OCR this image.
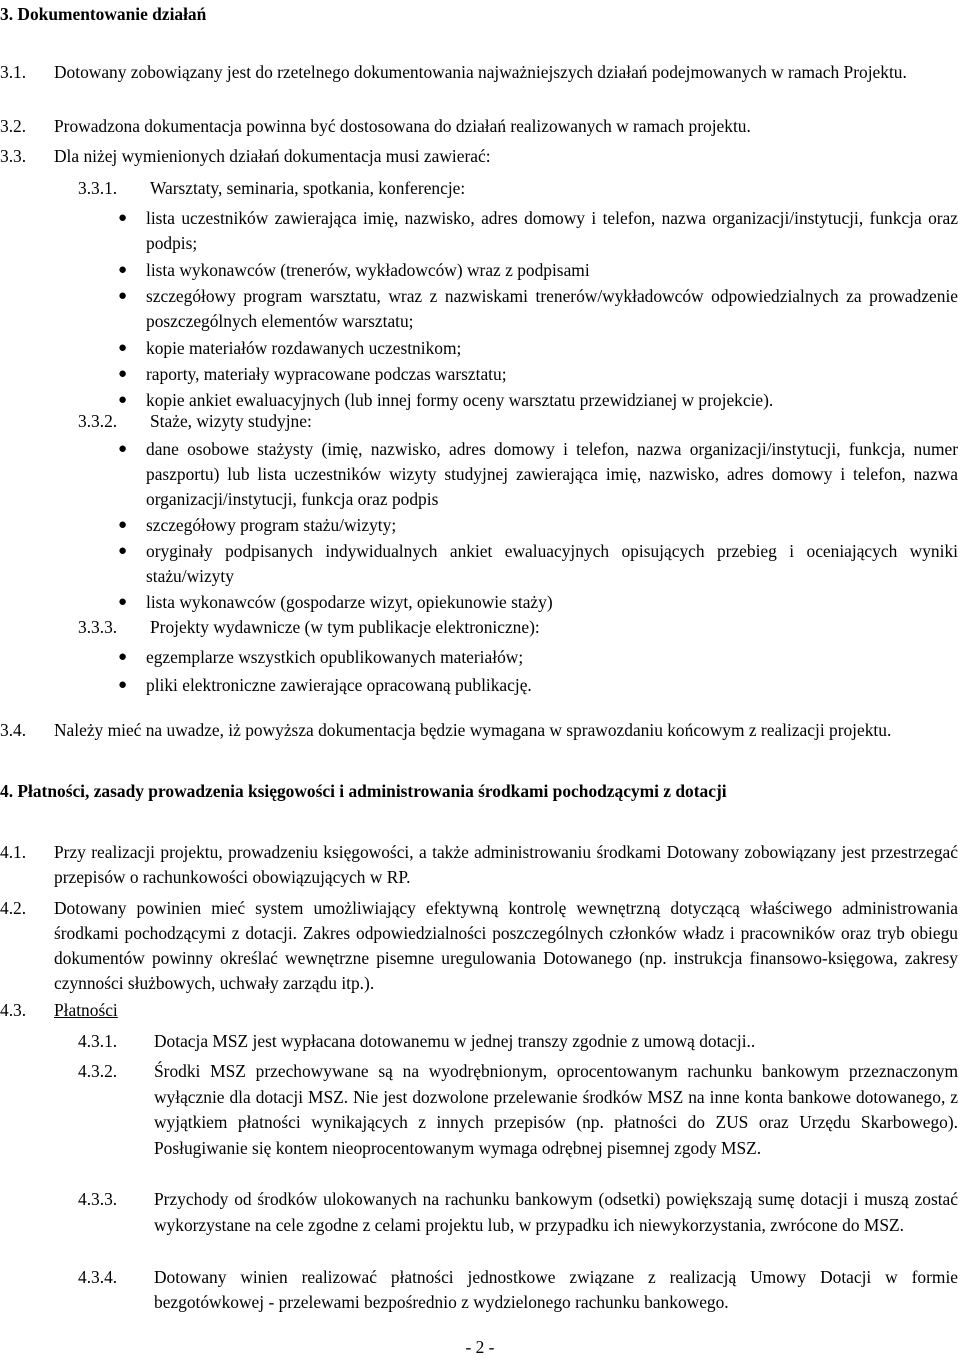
3. Dokumentowanie działań
3.1. Dotowany zobowiązany jest do rzetelnego dokumentowania najważniejszych działań podejmowanych w ramach Projektu.
3.2. Prowadzona dokumentacja powinna być dostosowana do działań realizowanych w ramach projektu.
3.3. Dla niżej wymienionych działań dokumentacja musi zawierać:
3.3.1. Warsztaty, seminaria, spotkania, konferencje:
● lista uczestników zawierająca imię, nazwisko, adres domowy i telefon, nazwa organizacji/instytucji, funkcja oraz podpis;
● lista wykonawców (trenerów, wykładowców) wraz z podpisami
● szczegółowy program warsztatu, wraz z nazwiskami trenerów/wykładowców odpowiedzialnych za prowadzenie poszczególnych elementów warsztatu;
● kopie materiałów rozdawanych uczestnikom;
● raporty, materiały wypracowane podczas warsztatu;
● kopie ankiet ewaluacyjnych (lub innej formy oceny warsztatu przewidzianej w projekcie).
3.3.2. Staże, wizyty studyjne:
● dane osobowe stażysty (imię, nazwisko, adres domowy i telefon, nazwa organizacji/instytucji, funkcja, numer paszportu) lub lista uczestników wizyty studyjnej zawierająca imię, nazwisko, adres domowy i telefon, nazwa organizacji/instytucji, funkcja oraz podpis
● szczegółowy program stażu/wizyty;
● oryginały podpisanych indywidualnych ankiet ewaluacyjnych opisujących przebieg i oceniających wyniki stażu/wizyty
● lista wykonawców (gospodarze wizyt, opiekunowie staży)
3.3.3. Projekty wydawnicze (w tym publikacje elektroniczne):
● egzemplarze wszystkich opublikowanych materiałów;
● pliki elektroniczne zawierające opracowaną publikację.
3.4. Należy mieć na uwadze, iż powyższa dokumentacja będzie wymagana w sprawozdaniu końcowym z realizacji projektu.
4. Płatności, zasady prowadzenia księgowości i administrowania środkami pochodzącymi z dotacji
4.1. Przy realizacji projektu, prowadzeniu księgowości, a także administrowaniu środkami Dotowany zobowiązany jest przestrzegać przepisów o rachunkowości obowiązujących w RP.
4.2. Dotowany powinien mieć system umożliwiający efektywną kontrolę wewnętrzną dotyczącą właściwego administrowania środkami pochodzącymi z dotacji. Zakres odpowiedzialności poszczególnych członków władz i pracowników oraz tryb obiegu dokumentów powinny określać wewnętrzne pisemne uregulowania Dotowanego (np. instrukcja finansowo-księgowa, zakresy czynności służbowych, uchwały zarządu itp.).
4.3. Płatności
4.3.1. Dotacja MSZ jest wypłacana dotowanemu w jednej transzy zgodnie z umową dotacji..
4.3.2. Środki MSZ przechowywane są na wyodrębnionym, oprocentowanym rachunku bankowym przeznaczonym wyłącznie dla dotacji MSZ. Nie jest dozwolone przelewanie środków MSZ na inne konta bankowe dotowanego, z wyjątkiem płatności wynikających z innych przepisów (np. płatności do ZUS oraz Urzędu Skarbowego). Posługiwanie się kontem nieoprocentowanym wymaga odrębnej pisemnej zgody MSZ.
4.3.3. Przychody od środków ulokowanych na rachunku bankowym (odsetki) powiększają sumę dotacji i muszą zostać wykorzystane na cele zgodne z celami projektu lub, w przypadku ich niewykorzystania, zwrócone do MSZ.
4.3.4. Dotowany winien realizować płatności jednostkowe związane z realizacją Umowy Dotacji w formie bezgotówkowej - przelewami bezpośrednio z wydzielonego rachunku bankowego.
- 2 -
